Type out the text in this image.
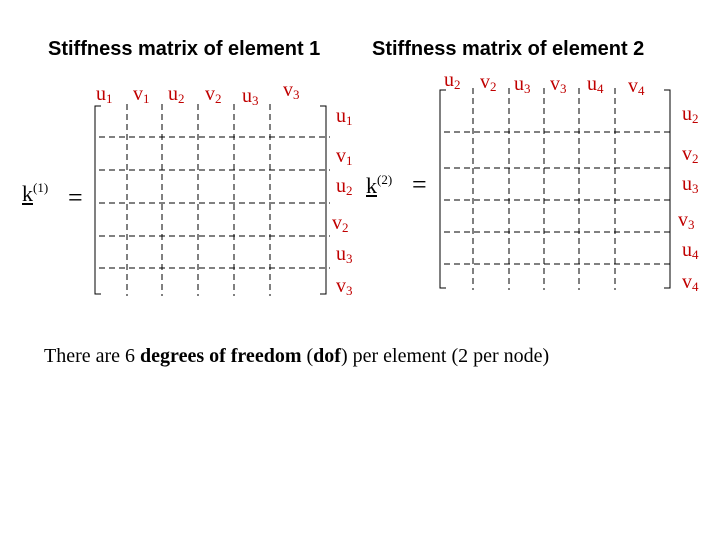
Stiffness matrix of element 1	Stiffness matrix of element 2
$k^{(1)}$ =
$u_1$ $v_1$ $u_2$ $v_2$ $u_3$ $v_3$
$u_1$
$v_1$
$u_2$
$v_2$
$u_3$
$v_3$
$k^{(2)}$ =
$u_2$ $v_2$ $u_3$ $v_3$ $u_4$ $v_4$
$u_2$
$v_2$
$u_3$
$v_3$
$u_4$
$v_4$
There are 6 degrees of freedom (dof) per element (2 per node)
